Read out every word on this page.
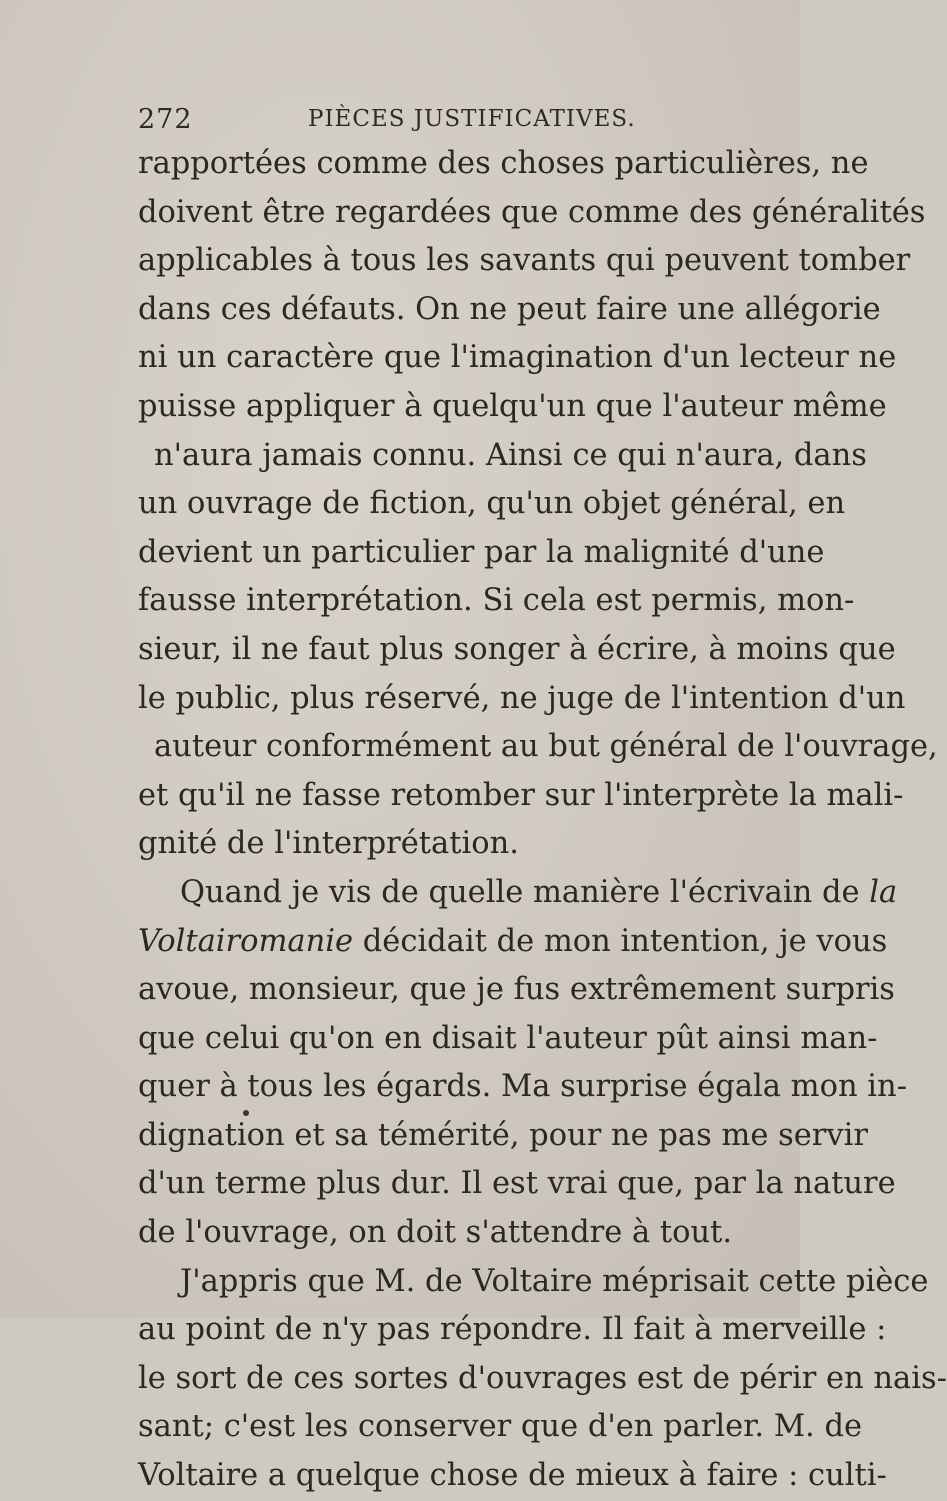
272	PIÈCES JUSTIFICATIVES.
rapportées comme des choses particulières, ne
doivent être regardées que comme des généralités
applicables à tous les savants qui peuvent tomber
dans ces défauts. On ne peut faire une allégorie
ni un caractère que l'imagination d'un lecteur ne
puisse appliquer à quelqu'un que l'auteur même
n'aura jamais connu. Ainsi ce qui n'aura, dans
un ouvrage de fiction, qu'un objet général, en
devient un particulier par la malignité d'une
fausse interprétation. Si cela est permis, mon-
sieur, il ne faut plus songer à écrire, à moins que
le public, plus réservé, ne juge de l'intention d'un
auteur conformément au but général de l'ouvrage,
et qu'il ne fasse retomber sur l'interprète la mali-
gnité de l'interprétation.
Quand je vis de quelle manière l'écrivain de la
Voltairomanie décidait de mon intention, je vous
avoue, monsieur, que je fus extrêmement surpris
que celui qu'on en disait l'auteur pût ainsi man-
quer à tous les égards. Ma surprise égala mon in-
dignation et sa témérité, pour ne pas me servir
d'un terme plus dur. Il est vrai que, par la nature
de l'ouvrage, on doit s'attendre à tout.
J'appris que M. de Voltaire méprisait cette pièce
au point de n'y pas répondre. Il fait à merveille :
le sort de ces sortes d'ouvrages est de périr en nais-
sant; c'est les conserver que d'en parler. M. de
Voltaire a quelque chose de mieux à faire : culti-
